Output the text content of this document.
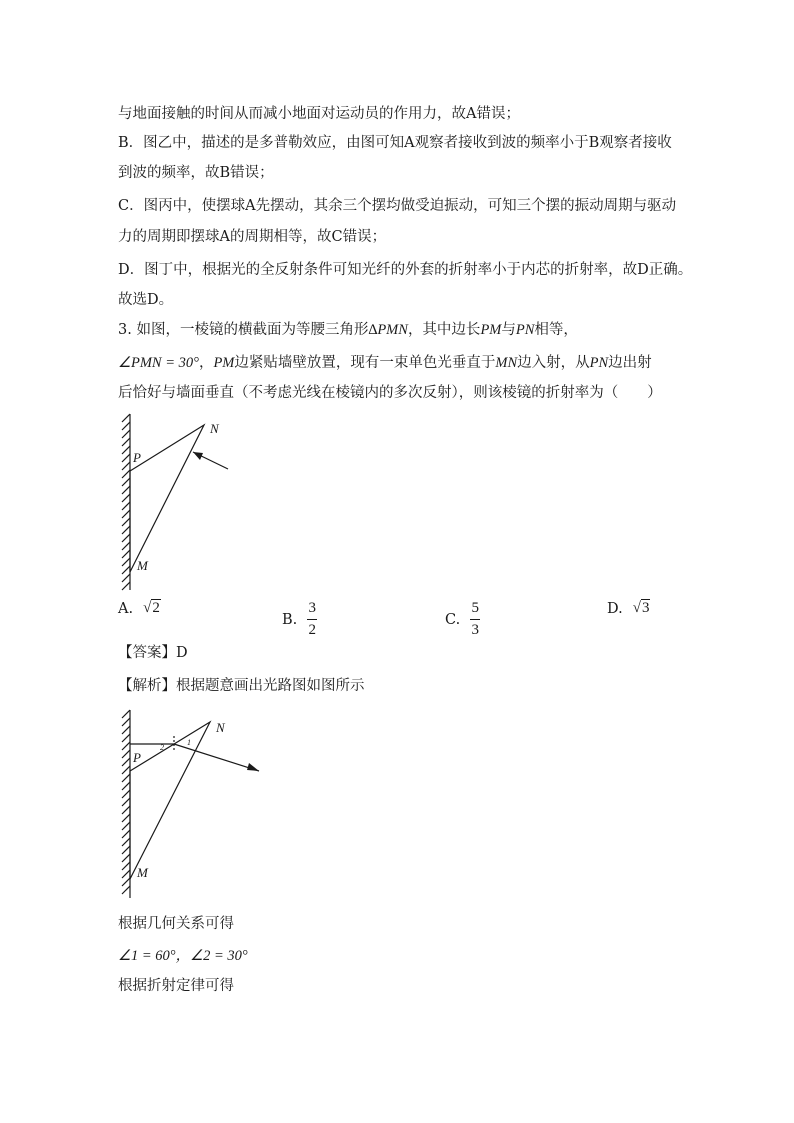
与地面接触的时间从而减小地面对运动员的作用力，故A错误；
B．图乙中，描述的是多普勒效应，由图可知A观察者接收到波的频率小于B观察者接收
到波的频率，故B错误；
C．图丙中，使摆球A先摆动，其余三个摆均做受迫振动，可知三个摆的振动周期与驱动
力的周期即摆球A的周期相等，故C错误；
D．图丁中，根据光的全反射条件可知光纤的外套的折射率小于内芯的折射率，故D正确。
故选D。
3. 如图，一棱镜的横截面为等腰三角形∆PMN，其中边长PM与PN相等，
∠PMN = 30°，PM边紧贴墙壁放置，现有一束单色光垂直于MN边入射，从PN边出射
后恰好与墙面垂直（不考虑光线在棱镜内的多次反射），则该棱镜的折射率为（　　）
P
N
M
A. √2
B. $\frac{3}{2}$	C. $\frac{5}{3}$	D. √3
【答案】D
【解析】根据题意画出光路图如图所示
2
1
P
N
M
根据几何关系可得
∠1 = 60°，∠2 = 30°
根据折射定律可得
